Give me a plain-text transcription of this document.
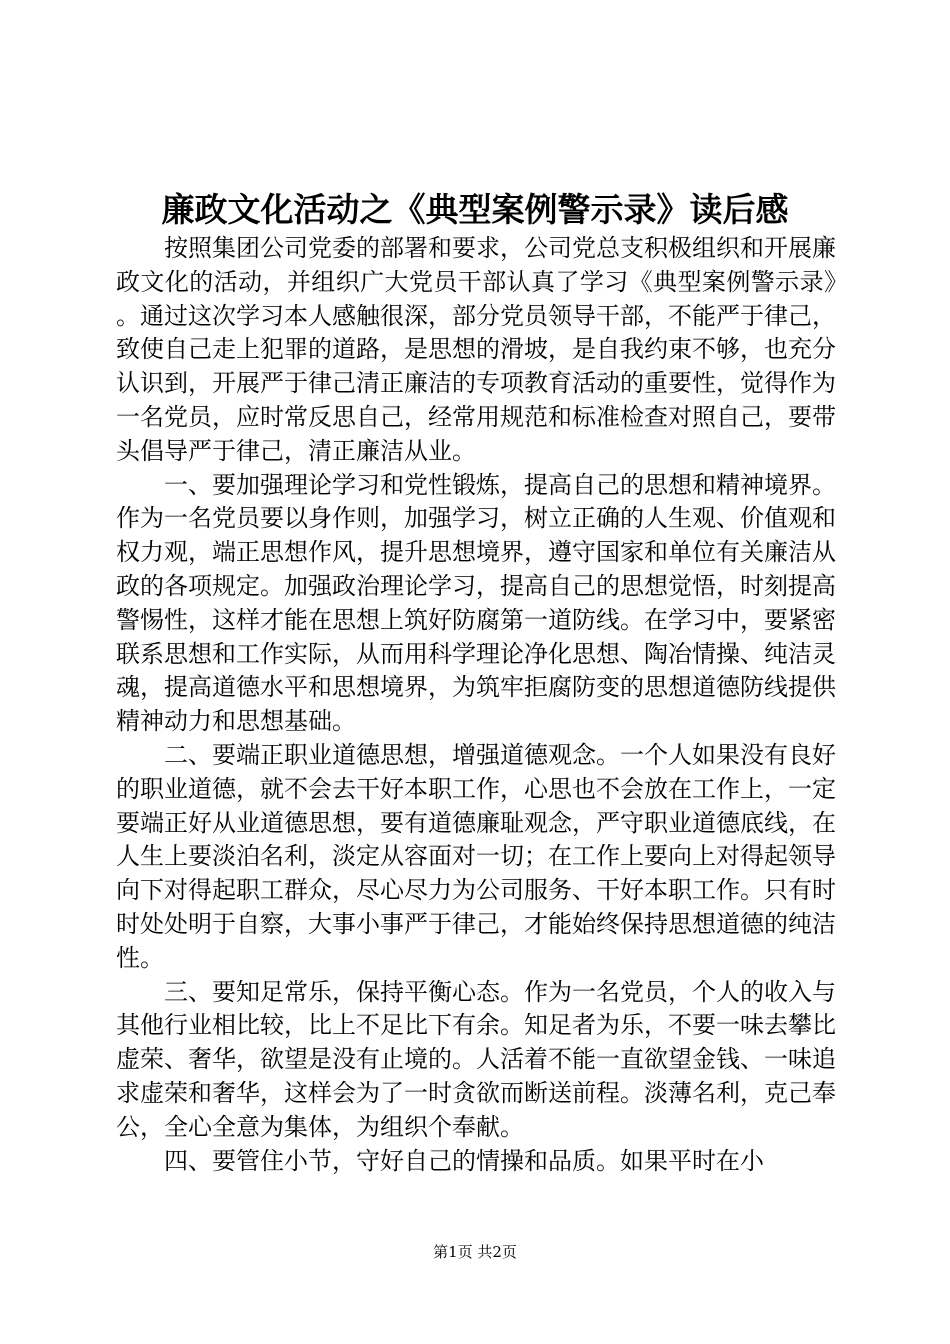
廉政文化活动之《典型案例警示录》读后感

按照集团公司党委的部署和要求，公司党总支积极组织和开展廉政文化的活动，并组织广大党员干部认真了学习《典型案例警示录》。通过这次学习本人感触很深，部分党员领导干部，不能严于律己，致使自己走上犯罪的道路，是思想的滑坡，是自我约束不够，也充分认识到，开展严于律己清正廉洁的专项教育活动的重要性，觉得作为一名党员，应时常反思自己，经常用规范和标准检查对照自己，要带头倡导严于律己，清正廉洁从业。

一、要加强理论学习和党性锻炼，提高自己的思想和精神境界。作为一名党员要以身作则，加强学习，树立正确的人生观、价值观和权力观，端正思想作风，提升思想境界，遵守国家和单位有关廉洁从政的各项规定。加强政治理论学习，提高自己的思想觉悟，时刻提高警惕性，这样才能在思想上筑好防腐第一道防线。在学习中，要紧密联系思想和工作实际，从而用科学理论净化思想、陶冶情操、纯洁灵魂，提高道德水平和思想境界，为筑牢拒腐防变的思想道德防线提供精神动力和思想基础。

二、要端正职业道德思想，增强道德观念。一个人如果没有良好的职业道德，就不会去干好本职工作，心思也不会放在工作上，一定要端正好从业道德思想，要有道德廉耻观念，严守职业道德底线，在人生上要淡泊名利，淡定从容面对一切；在工作上要向上对得起领导向下对得起职工群众，尽心尽力为公司服务、干好本职工作。只有时时处处明于自察，大事小事严于律己，才能始终保持思想道德的纯洁性。

三、要知足常乐，保持平衡心态。作为一名党员，个人的收入与其他行业相比较，比上不足比下有余。知足者为乐，不要一味去攀比虚荣、奢华，欲望是没有止境的。人活着不能一直欲望金钱、一味追求虚荣和奢华，这样会为了一时贪欲而断送前程。淡薄名利，克己奉公，全心全意为集体，为组织个奉献。

四、要管住小节，守好自己的情操和品质。如果平时在小

第1页 共2页
